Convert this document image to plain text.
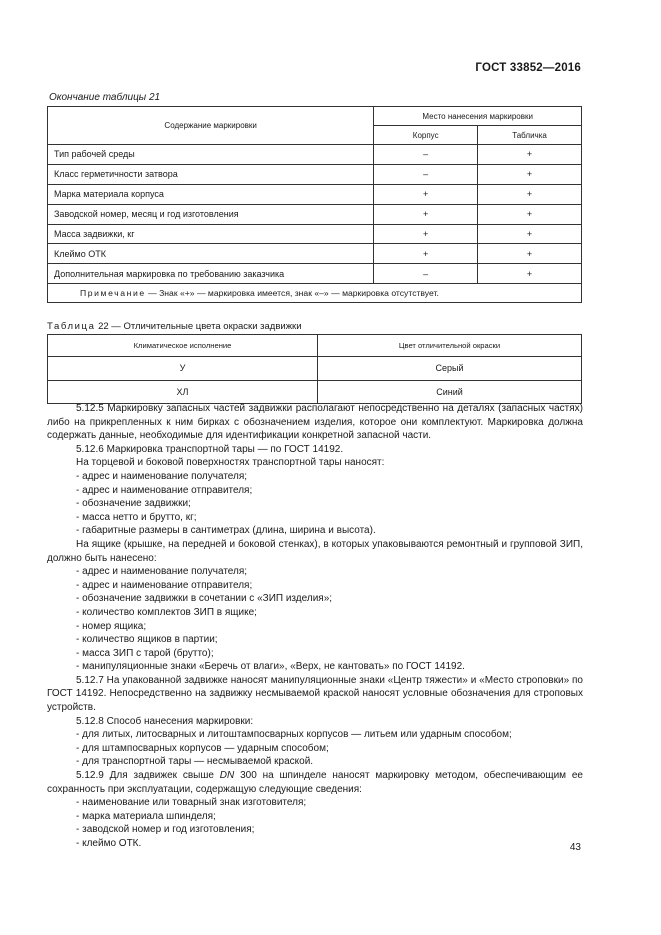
ГОСТ 33852—2016
Окончание таблицы 21
Содержание маркировки	Место нанесения маркировки	
	Корпус	Табличка
Тип рабочей среды	–	+
Класс герметичности затвора	–	+
Марка материала корпуса	+	+
Заводской номер, месяц и год изготовления	+	+
Масса задвижки, кг	+	+
Клеймо ОТК	+	+
Дополнительная маркировка по требованию заказчика	–	+
Примечание — Знак «+» — маркировка имеется, знак «–» — маркировка отсутствует.		
Таблица 22 — Отличительные цвета окраски задвижки
Климатическое исполнение	Цвет отличительной окраски
У	Серый
ХЛ	Синий

5.12.5 Маркировку запасных частей задвижки располагают непосредственно на деталях (запасных частях) либо на прикрепленных к ним бирках с обозначением изделия, которое они комплектуют. Маркировка должна содержать данные, необходимые для идентификации конкретной запасной части.

5.12.6 Маркировка транспортной тары — по ГОСТ 14192.

На торцевой и боковой поверхностях транспортной тары наносят:

- адрес и наименование получателя;

- адрес и наименование отправителя;

- обозначение задвижки;

- масса нетто и брутто, кг;

- габаритные размеры в сантиметрах (длина, ширина и высота).

На ящике (крышке, на передней и боковой стенках), в которых упаковываются ремонтный и групповой ЗИП, должно быть нанесено:

- адрес и наименование получателя;

- адрес и наименование отправителя;

- обозначение задвижки в сочетании с «ЗИП изделия»;

- количество комплектов ЗИП в ящике;

- номер ящика;

- количество ящиков в партии;

- масса ЗИП с тарой (брутто);

- манипуляционные знаки «Беречь от влаги», «Верх, не кантовать» по ГОСТ 14192.

5.12.7 На упакованной задвижке наносят манипуляционные знаки «Центр тяжести» и «Место строповки» по ГОСТ 14192. Непосредственно на задвижку несмываемой краской наносят условные обозначения для строповых устройств.

5.12.8 Способ нанесения маркировки:

- для литых, литосварных и литоштампосварных корпусов — литьем или ударным способом;

- для штампосварных корпусов — ударным способом;

- для транспортной тары — несмываемой краской.

5.12.9 Для задвижек свыше DN 300 на шпинделе наносят маркировку методом, обеспечивающим ее сохранность при эксплуатации, содержащую следующие сведения:

- наименование или товарный знак изготовителя;

- марка материала шпинделя;

- заводской номер и год изготовления;

- клеймо ОТК.	43
